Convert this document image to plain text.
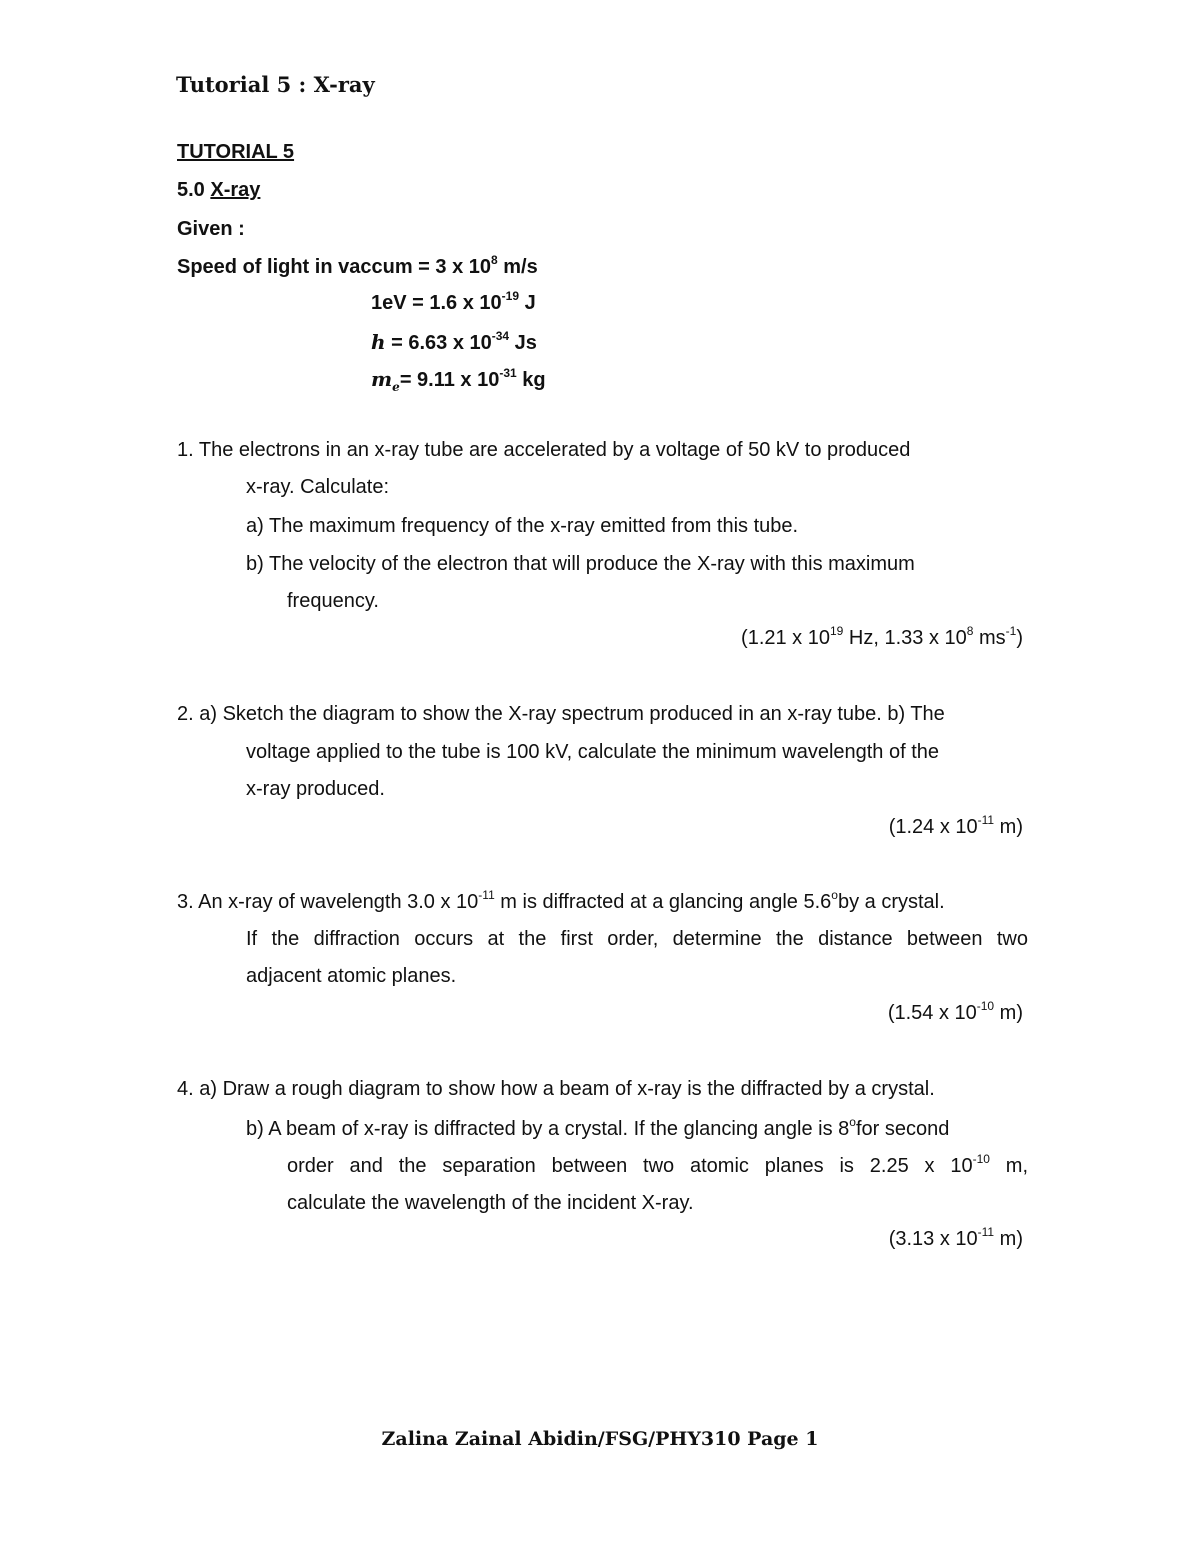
Tutorial 5 : X-ray
TUTORIAL 5
5.0 X-ray
Given :
Speed of light in vaccum = 3 x $10^8$ m/s
1eV = 1.6 x $10^{-19}$ J
h = 6.63 x $10^{-34}$ Js
$m_e= 9.11$ x $10^{-31}$ kg
1. The electrons in an x-ray tube are accelerated by a voltage of 50 kV to produced
x-ray. Calculate:
a) The maximum frequency of the x-ray emitted from this tube.
b) The velocity of the electron that will produce the X-ray with this maximum
frequency.
(1.21 x $10^{19}$ Hz, 1.33 x $10^8$ $ms^{-1}$)
2. a) Sketch the diagram to show the X-ray spectrum produced in an x-ray tube. b) The
voltage applied to the tube is 100 kV, calculate the minimum wavelength of the
x-ray produced.
(1.24 x $10^{-11}$ m)
3. An x-ray of wavelength 3.0 x $10^{-11}$ m is diffracted at a glancing angle 5.6$^o$by a crystal.
If the diffraction occurs at the first order, determine the distance between two
adjacent atomic planes.
(1.54 x $10^{-10}$ m)
4. a) Draw a rough diagram to show how a beam of x-ray is the diffracted by a crystal.
b) A beam of x-ray is diffracted by a crystal. If the glancing angle is 8$^o$for second
order and the separation between two atomic planes is 2.25 x $10^{-10}$ m,
calculate the wavelength of the incident X-ray.
(3.13 x $10^{-11}$ m)
Zalina Zainal Abidin/FSG/PHY310 Page 1
